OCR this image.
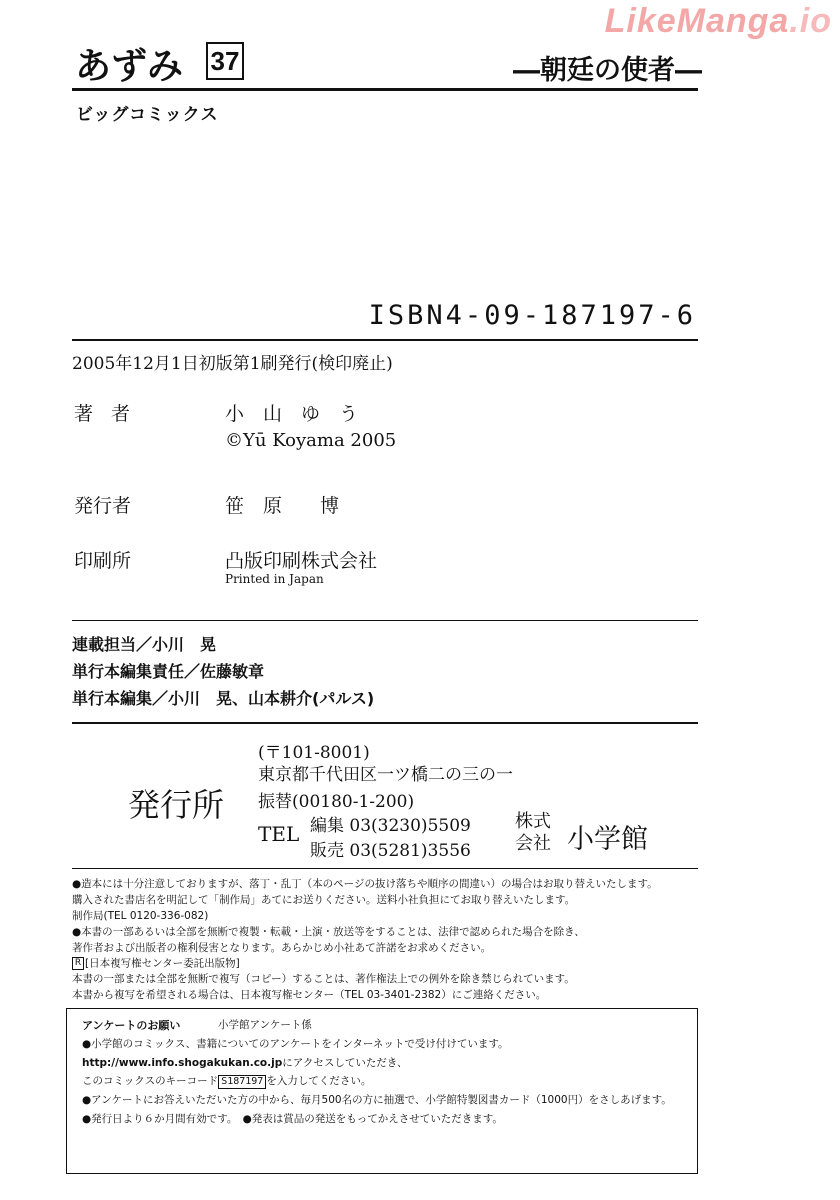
LikeManga.io
あずみ 37	―朝廷の使者―
ビッグコミックス
ISBN4-09-187197-6
2005年12月1日初版第1刷発行(検印廃止)
著 者	小　山　ゆ　う
©Yū Koyama 2005
発行者	笹　原　　博
印刷所	凸版印刷株式会社
Printed in Japan
連載担当／小川　晃
単行本編集責任／佐藤敏章
単行本編集／小川　晃、山本耕介(パルス)
発行所
(〒101-8001)
東京都千代田区一ツ橋二の三の一
振替(00180-1-200)
TEL 編集 03(3230)5509
販売 03(5281)3556
株式
会社 小学館
●造本には十分注意しておりますが、落丁・乱丁（本のページの抜け落ちや順序の間違い）の場合はお取り替えいたします。
購入された書店名を明記して「制作局」あてにお送りください。送料小社負担にてお取り替えいたします。
制作局(TEL 0120-336-082)
●本書の一部あるいは全部を無断で複製・転載・上演・放送等をすることは、法律で認められた場合を除き、
著作者および出版者の権利侵害となります。あらかじめ小社あて許諾をお求めください。
R [日本複写権センター委託出版物]
本書の一部または全部を無断で複写（コピー）することは、著作権法上での例外を除き禁じられています。
本書から複写を希望される場合は、日本複写権センター（TEL 03-3401-2382）にご連絡ください。
アンケートのお願い	小学館アンケート係
●小学館のコミックス、書籍についてのアンケートをインターネットで受け付けています。
http://www.info.shogakukan.co.jpにアクセスしていただき、
このコミックスのキーコード S187197 を入力してください。
●アンケートにお答えいただいた方の中から、毎月500名の方に抽選で、小学館特製図書カード（1000円）をさしあげます。
●発行日より６か月間有効です。　●発表は賞品の発送をもってかえさせていただきます。
